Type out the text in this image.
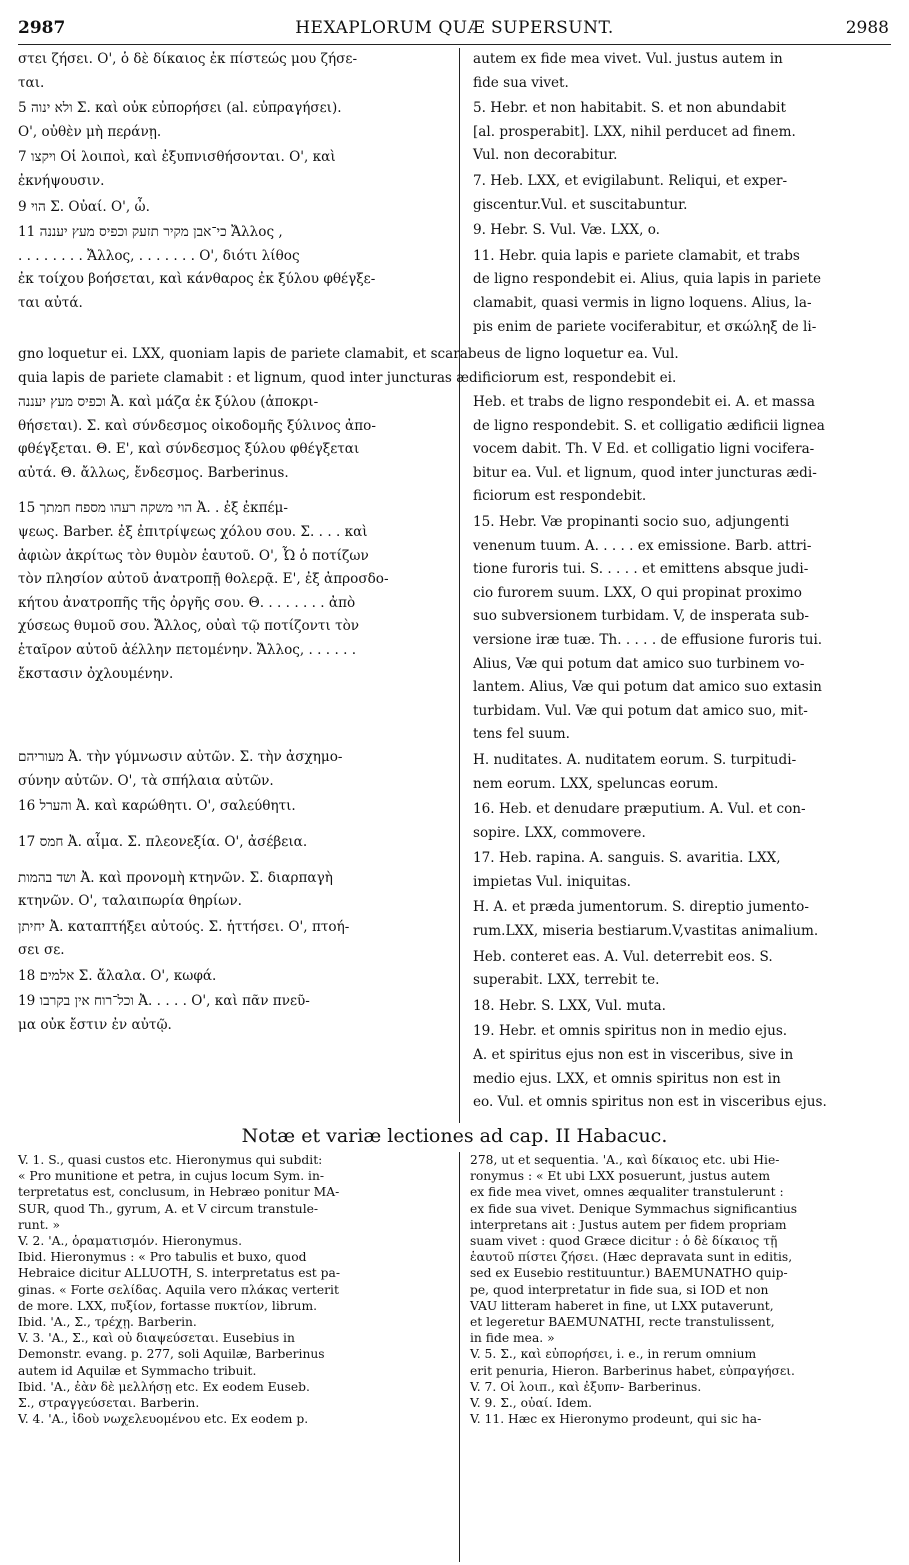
2987	HEXAPLORUM QUÆ SUPERSUNT.	2988
στει ζήσει. Ο', ὁ δὲ δίκαιος ἐκ πίστεώς μου ζήσε-
ται.
ולא ינוה 5 Σ. καὶ οὐκ εὐπορήσει (al. εὐπραγήσει).
Ο', οὐθὲν μὴ περάνῃ.
ויקצו 7 Οἱ λοιποὶ, καὶ ἐξυπνισθήσονται. Ο', καὶ
ἐκνήψουσιν.
הוי 9 Σ. Οὐαί. Ο', ὦ.
כי־אבן מקיר תזעק וכפיס מעץ יעננה 11 Ἄλλος ,
. . . . . . . . Ἄλλος, . . . . . . . Ο', διότι λίθος
ἐκ τοίχου βοήσεται, καὶ κάνθαρος ἐκ ξύλου φθέγξε-
ται αὐτά.
autem ex fide mea vivet. Vul. justus autem in
fide sua vivet.
5. Hebr. et non habitabit. S. et non abundabit
[al. prosperabit]. LXX, nihil perducet ad finem.
Vul. non decorabitur.
7. Heb. LXX, et evigilabunt. Reliqui, et exper-
giscentur.Vul. et suscitabuntur.
9. Hebr. S. Vul. Væ. LXX, o.
11. Hebr. quia lapis e pariete clamabit, et trabs
de ligno respondebit ei. Alius, quia lapis in pariete
clamabit, quasi vermis in ligno loquens. Alius, la-
pis enim de pariete vociferabitur, et σκώληξ de li-
gno loquetur ei. LXX, quoniam lapis de pariete clamabit, et scarabeus de ligno loquetur ea. Vul.
quia lapis de pariete clamabit : et lignum, quod inter juncturas ædificiorum est, respondebit ei.
וכפיס מעץ יעננה Ἀ. καὶ μάζα ἐκ ξύλου (ἀποκρι-
θήσεται). Σ. καὶ σύνδεσμος οἰκοδομῆς ξύλινος ἀπο-
φθέγξεται. Θ. Ε', καὶ σύνδεσμος ξύλου φθέγξεται
αὐτά. Θ. ἄλλως, ἔνδεσμος. Barberinus.
הוי משקה רעהו מספח חמתך 15 Ἀ. . ἐξ ἐκπέμ-
ψεως. Barber. ἐξ ἐπιτρίψεως χόλου σου. Σ. . . . καὶ
ἀφιὼν ἀκρίτως τὸν θυμὸν ἑαυτοῦ. Ο', Ὦ ὁ ποτίζων
τὸν πλησίον αὐτοῦ ἀνατροπῇ θολερᾷ. Ε', ἐξ ἀπροσδο-
κήτου ἀνατροπῆς τῆς ὀργῆς σου. Θ. . . . . . . . ἀπὸ
χύσεως θυμοῦ σου. Ἄλλος, οὐαὶ τῷ ποτίζοντι τὸν
ἑταῖρον αὐτοῦ ἀέλλην πετομένην. Ἄλλος, . . . . . .
ἔκστασιν ὀχλουμένην.
מעוריהם Ἀ. τὴν γύμνωσιν αὐτῶν. Σ. τὴν ἀσχημο-
σύνην αὐτῶν. Ο', τὰ σπήλαια αὐτῶν.
והערל 16 Ἀ. καὶ καρώθητι. Ο', σαλεύθητι.
חמס 17 Ἀ. αἷμα. Σ. πλεονεξία. Ο', ἀσέβεια.
ושד בהמות Ἀ. καὶ προνομὴ κτηνῶν. Σ. διαρπαγὴ
κτηνῶν. Ο', ταλαιπωρία θηρίων.
יחיתן Ἀ. καταπτήξει αὐτούς. Σ. ἡττήσει. Ο', πτοή-
σει σε.
אלמים 18 Σ. ἄλαλα. Ο', κωφά.
וכל־רוח אין בקרבו 19 Ἀ. . . . . Ο', καὶ πᾶν πνεῦ-
μα οὐκ ἔστιν ἐν αὐτῷ.
Heb. et trabs de ligno respondebit ei. A. et massa
de ligno respondebit. S. et colligatio ædificii lignea
vocem dabit. Th. V Ed. et colligatio ligni vocifera-
bitur ea. Vul. et lignum, quod inter juncturas ædi-
ficiorum est respondebit.
15. Hebr. Væ propinanti socio suo, adjungenti
venenum tuum. A. . . . . ex emissione. Barb. attri-
tione furoris tui. S. . . . . et emittens absque judi-
cio furorem suum. LXX, O qui propinat proximo
suo subversionem turbidam. V, de insperata sub-
versione iræ tuæ. Th. . . . . de effusione furoris tui.
Alius, Væ qui potum dat amico suo turbinem vo-
lantem. Alius, Væ qui potum dat amico suo extasin
turbidam. Vul. Væ qui potum dat amico suo, mit-
tens fel suum.
H. nuditates. A. nuditatem eorum. S. turpitudi-
nem eorum. LXX, speluncas eorum.
16. Heb. et denudare præputium. A. Vul. et con-
sopire. LXX, commovere.
17. Heb. rapina. A. sanguis. S. avaritia. LXX,
impietas Vul. iniquitas.
H. A. et præda jumentorum. S. direptio jumento-
rum.LXX, miseria bestiarum.V,vastitas animalium.
Heb. conteret eas. A. Vul. deterrebit eos. S.
superabit. LXX, terrebit te.
18. Hebr. S. LXX, Vul. muta.
19. Hebr. et omnis spiritus non in medio ejus.
A. et spiritus ejus non est in visceribus, sive in
medio ejus. LXX, et omnis spiritus non est in
eo. Vul. et omnis spiritus non est in visceribus ejus.
Notæ et variæ lectiones ad cap. II Habacuc.

V. 1. S., quasi custos etc. Hieronymus qui subdit:
« Pro munitione et petra, in cujus locum Sym. in-
terpretatus est, conclusum, in Hebræo ponitur MA-
SUR, quod Th., gyrum, A. et V circum transtule-
runt. »

V. 2. 'Α., ὁραματισμόν. Hieronymus.

Ibid. Hieronymus : « Pro tabulis et buxo, quod
Hebraice dicitur ALLUOTH, S. interpretatus est pa-
ginas. « Forte σελίδας. Aquila vero πλάκας verterit
de more. LXX, πυξίον, fortasse πυκτίον, librum.

Ibid. 'Α., Σ., τρέχῃ. Barberin.

V. 3. 'Α., Σ., καὶ οὐ διαψεύσεται. Eusebius in
Demonstr. evang. p. 277, soli Aquilæ, Barberinus
autem id Aquilæ et Symmacho tribuit.

Ibid. 'Α., ἐὰν δὲ μελλήσῃ etc. Ex eodem Euseb.
Σ., στραγγεύσεται. Barberin.

V. 4. 'Α., ἰδοὺ νωχελευομένου etc. Ex eodem p.

278, ut et sequentia. 'Α., καὶ δίκαιος etc. ubi Hie-
ronymus : « Et ubi LXX posuerunt, justus autem
ex fide mea vivet, omnes æqualiter transtulerunt :
ex fide sua vivet. Denique Symmachus significantius
interpretans ait : Justus autem per fidem propriam
suam vivet : quod Græce dicitur : ὁ δὲ δίκαιος τῇ
ἑαυτοῦ πίστει ζήσει. (Hæc depravata sunt in editis,
sed ex Eusebio restituuntur.) BAEMUNATHO quip-
pe, quod interpretatur in fide sua, si IOD et non
VAU litteram haberet in fine, ut LXX putaverunt,
et legeretur BAEMUNATHI, recte transtulissent,
in fide mea. »

V. 5. Σ., καὶ εὐπορήσει, i. e., in rerum omnium
erit penuria, Hieron. Barberinus habet, εὐπραγήσει.

V. 7. Οἱ λοιπ., καὶ ἐξυπν- Barberinus.

V. 9. Σ., οὐαί. Idem.

V. 11. Hæc ex Hieronymo prodeunt, qui sic ha-
